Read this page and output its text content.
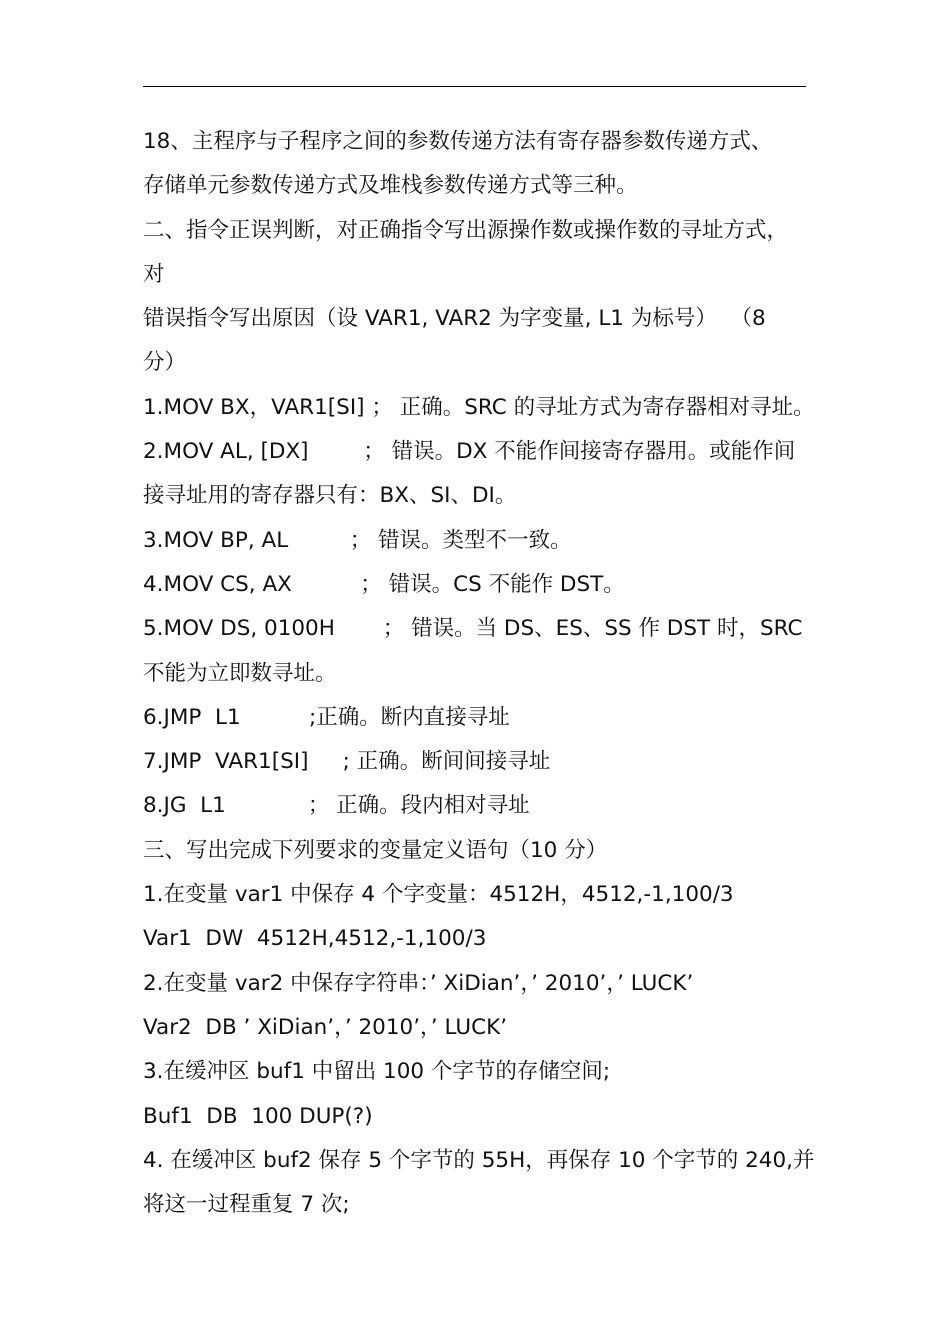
18、主程序与子程序之间的参数传递方法有寄存器参数传递方式、
存储单元参数传递方式及堆栈参数传递方式等三种。
二、指令正误判断，对正确指令写出源操作数或操作数的寻址方式，
对
错误指令写出原因（设 VAR1, VAR2 为字变量, L1 为标号）  （8
分）
1.MOV BX，VAR1[SI] ； 正确。SRC 的寻址方式为寄存器相对寻址。
2.MOV AL, [DX]        ； 错误。DX 不能作间接寄存器用。或能作间
接寻址用的寄存器只有：BX、SI、DI。
3.MOV BP, AL         ； 错误。类型不一致。
4.MOV CS, AX          ； 错误。CS 不能作 DST。
5.MOV DS, 0100H       ； 错误。当 DS、ES、SS 作 DST 时，SRC
不能为立即数寻址。
6.JMP  L1          ;正确。断内直接寻址
7.JMP  VAR1[SI]     ; 正确。断间间接寻址
8.JG  L1            ； 正确。段内相对寻址
三、写出完成下列要求的变量定义语句（10 分）
1.在变量 var1 中保存 4 个字变量：4512H，4512,-1,100/3
Var1  DW  4512H,4512,-1,100/3
2.在变量 var2 中保存字符串：’ XiDian’，’ 2010’，’ LUCK’
Var2  DB ’ XiDian’，’ 2010’，’ LUCK’
3.在缓冲区 buf1 中留出 100 个字节的存储空间;
Buf1  DB  100 DUP(?)
4. 在缓冲区 buf2 保存 5 个字节的 55H，再保存 10 个字节的 240,并
将这一过程重复 7 次;
